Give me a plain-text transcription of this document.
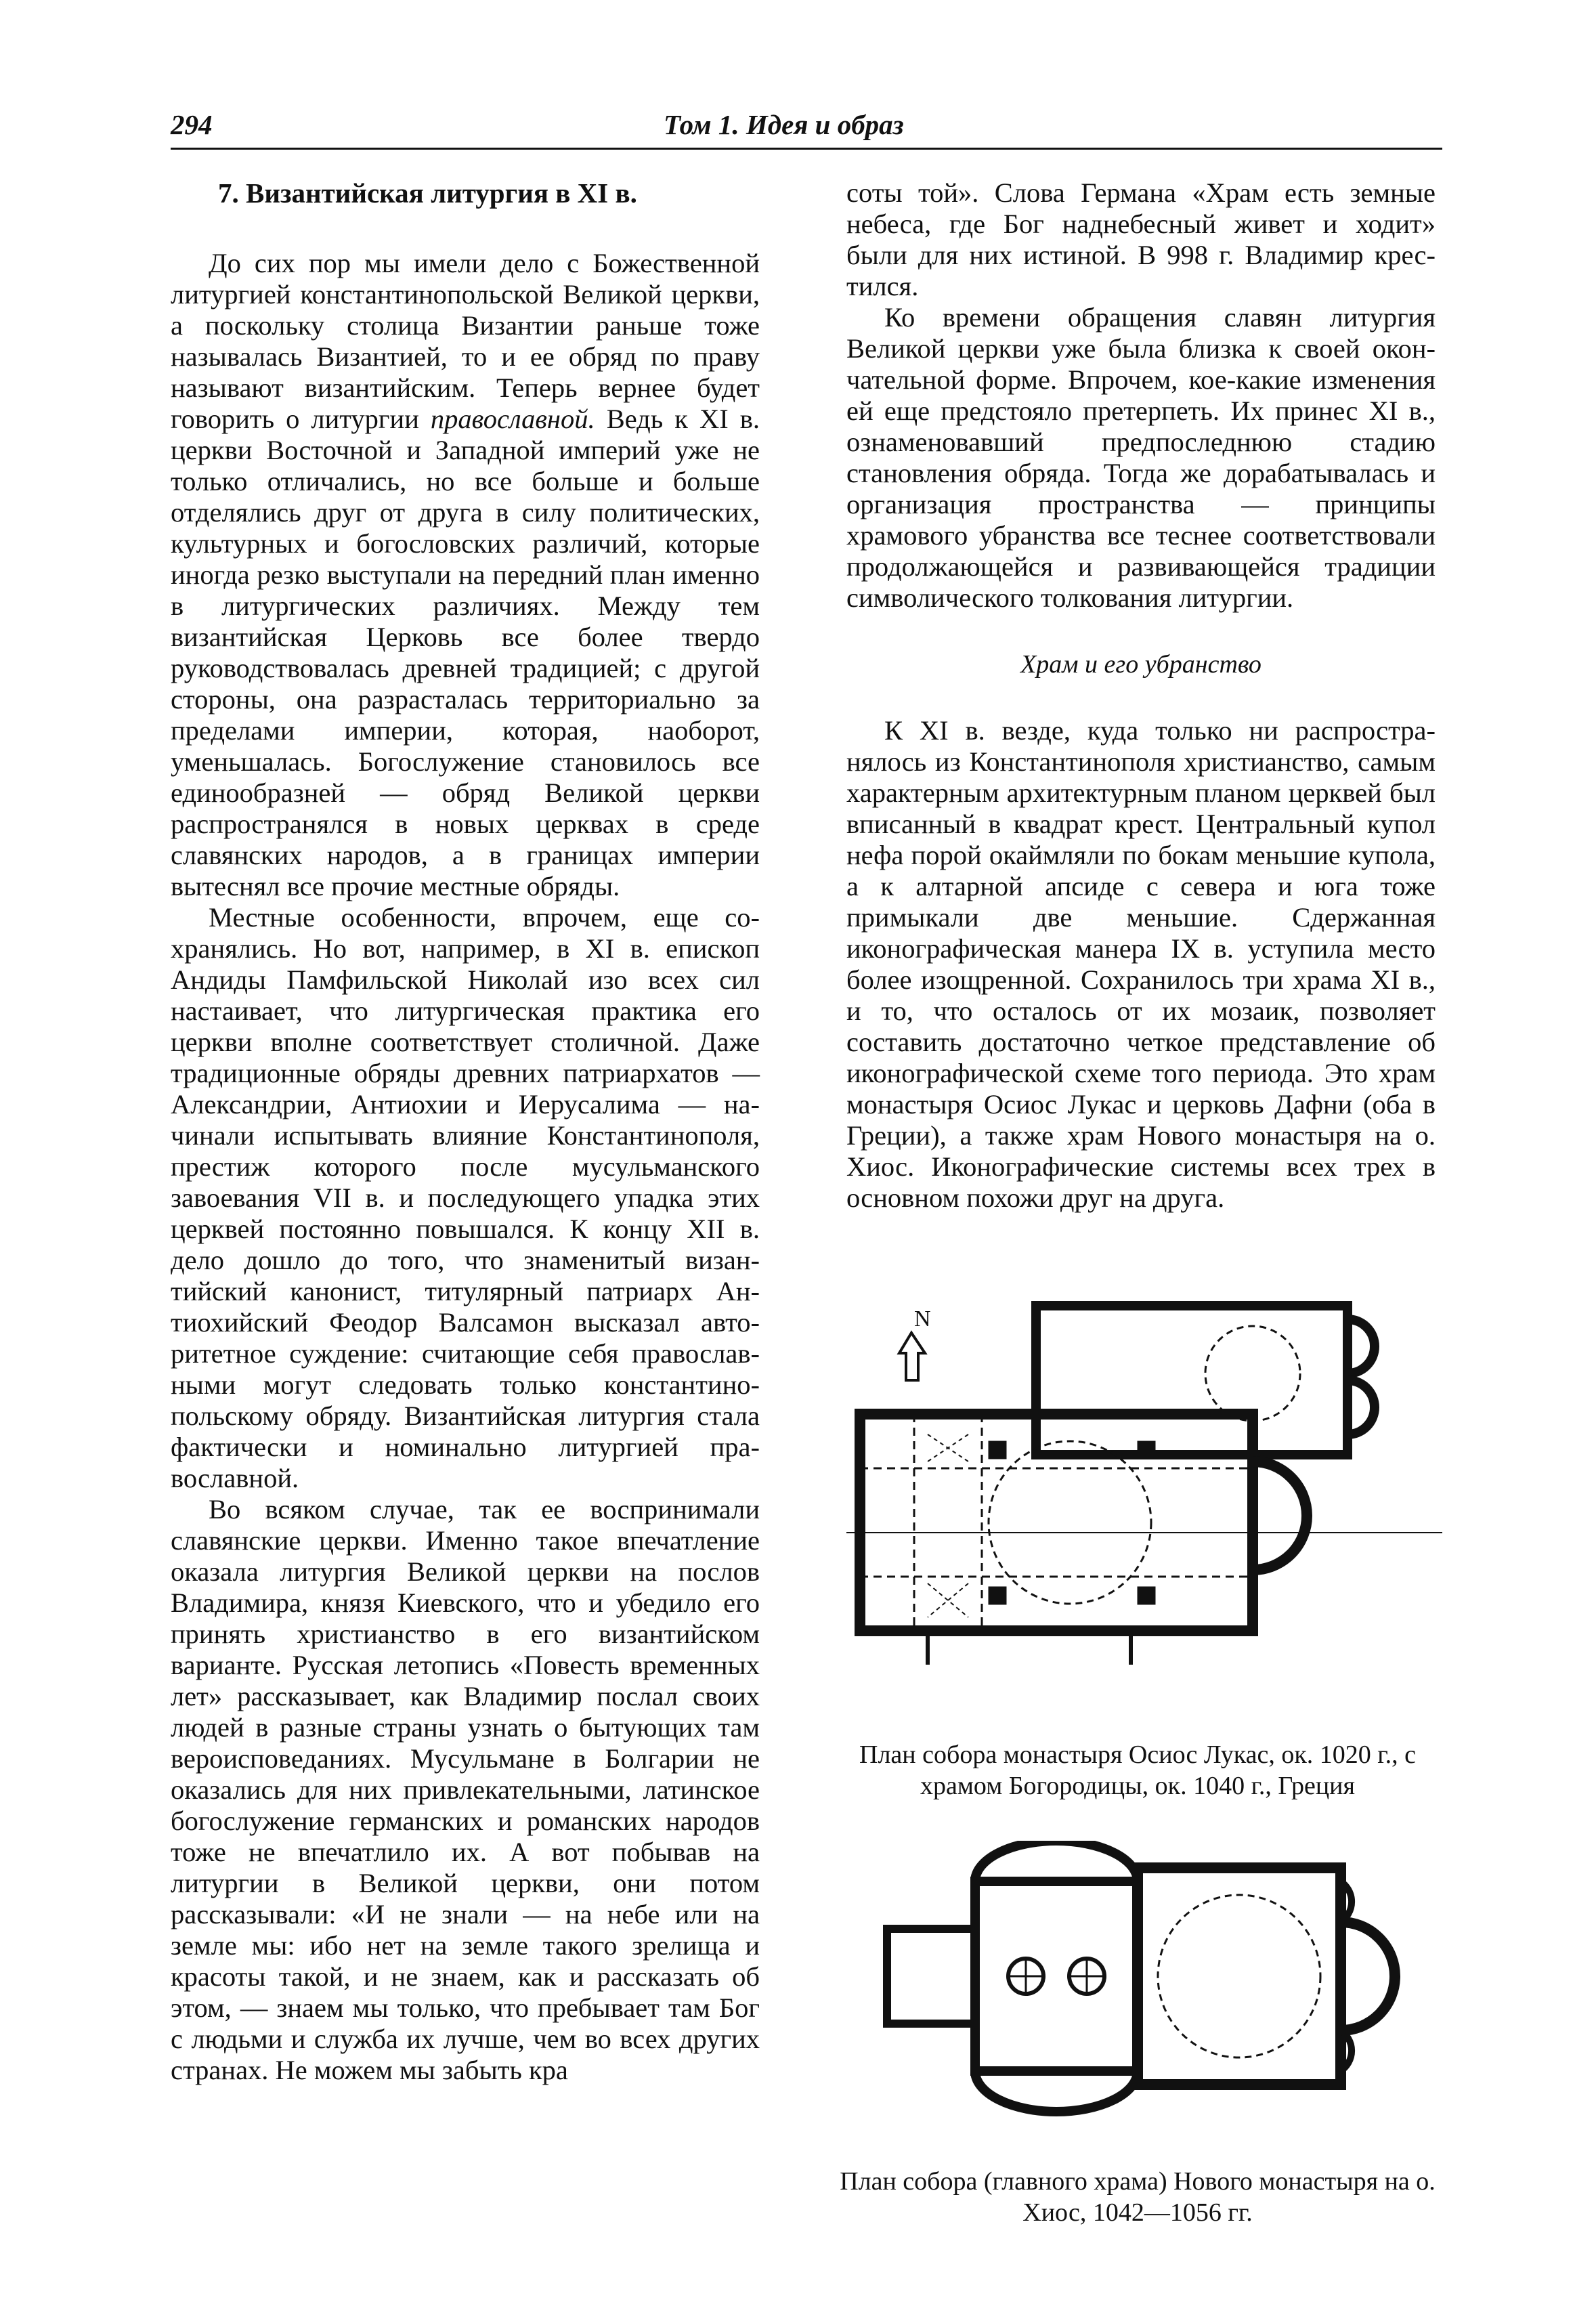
294	Том 1. Идея и образ
7. Византийская литургия в XI в.

До сих пор мы имели дело с Божественной литургией константинопольской Великой церкви, а поскольку столица Византии раньше тоже называлась Византией, то и ее обряд по праву называют византийским. Теперь вернее будет говорить о литургии православной. Ведь к XI в. церкви Восточной и Западной империй уже не только отличались, но все больше и больше отделялись друг от друга в силу политических, культурных и богословских различий, которые иногда резко выступали на передний план именно в литургических различиях. Между тем византийская Церковь все более твердо руководствовалась древней традицией; с другой стороны, она разрасталась территориально за пределами империи, которая, наоборот, уменьшалась. Богослужение становилось все единообразней — обряд Великой церкви распространялся в новых церквах в среде славянских народов, а в границах империи вытеснял все прочие местные обряды.

Местные особенности, впрочем, еще сохранялись. Но вот, например, в XI в. епископ Андиды Памфильской Николай изо всех сил настаивает, что литургическая практика его церкви вполне соответствует столичной. Даже традиционные обряды древних патриархатов — Александрии, Антиохии и Иерусалима — начинали испытывать влияние Константинополя, престиж которого после мусульманского завоевания VII в. и последующего упадка этих церквей постоянно повышался. К концу XII в. дело дошло до того, что знаменитый византийский канонист, титулярный патриарх Антиохийский Феодор Валсамон высказал авторитетное суждение: считающие себя православными могут следовать только константинопольскому обряду. Византийская литургия стала фактически и номинально литургией православной.

Во всяком случае, так ее воспринимали славянские церкви. Именно такое впечатление оказала литургия Великой церкви на послов Владимира, князя Киевского, что и убедило его принять христианство в его византийском варианте. Русская летопись «Повесть временных лет» рассказывает, как Владимир послал своих людей в разные страны узнать о бытующих там вероисповеданиях. Мусульмане в Болгарии не оказались для них привлекательными, латинское богослужение германских и романских народов тоже не впечатлило их. А вот побывав на литургии в Великой церкви, они потом рассказывали: «И не знали — на небе или на земле мы: ибо нет на земле такого зрелища и красоты такой, и не знаем, как и рассказать об этом, — знаем мы только, что пребывает там Бог с людьми и служба их лучше, чем во всех других странах. Не можем мы забыть кра

соты той». Слова Германа «Храм есть земные небеса, где Бог наднебесный живет и ходит» были для них истиной. В 998 г. Владимир крестился.

Ко времени обращения славян литургия Великой церкви уже была близка к своей окончательной форме. Впрочем, кое-какие изменения ей еще предстояло претерпеть. Их принес XI в., ознаменовавший предпоследнюю стадию становления обряда. Тогда же дорабатывалась и организация пространства — принципы храмового убранства все теснее соответствовали продолжающейся и развивающейся традиции символического толкования литургии.

Храм и его убранство

К XI в. везде, куда только ни распространялось из Константинополя христианство, самым характерным архитектурным планом церквей был вписанный в квадрат крест. Центральный купол нефа порой окаймляли по бокам меньшие купола, а к алтарной апсиде с севера и юга тоже примыкали две меньшие. Сдержанная иконографическая манера IX в. уступила место более изощренной. Сохранилось три храма XI в., и то, что осталось от их мозаик, позволяет составить достаточно четкое представление об иконографической схеме того периода. Это храм монастыря Осиос Лукас и церковь Дафни (оба в Греции), а также храм Нового монастыря на о. Хиос. Иконографические системы всех трех в основном похожи друг на друга.

N
План собора монастыря Осиос Лукас, ок. 1020 г., с храмом Богородицы, ок. 1040 г., Греция
План собора (главного храма) Нового монастыря на о. Хиос, 1042—1056 гг.
